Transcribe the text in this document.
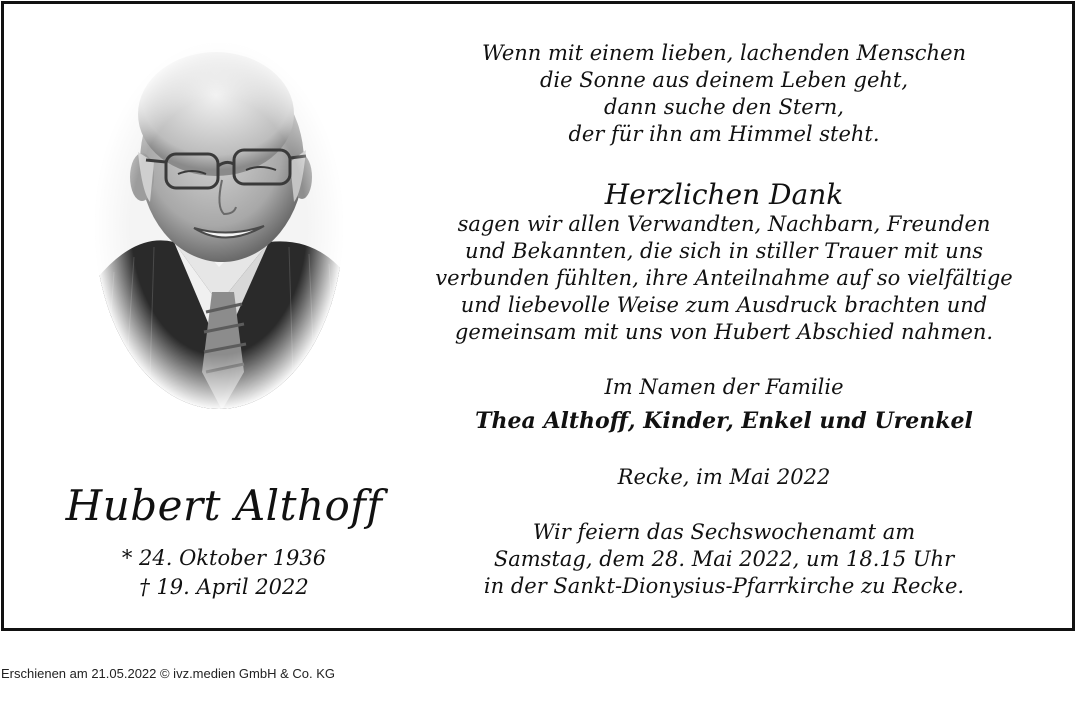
Hubert Althoff
* 24. Oktober 1936
† 19. April 2022
Wenn mit einem lieben, lachenden Menschen
die Sonne aus deinem Leben geht,
dann suche den Stern,
der für ihn am Himmel steht.
Herzlichen Dank
sagen wir allen Verwandten, Nachbarn, Freunden
und Bekannten, die sich in stiller Trauer mit uns
verbunden fühlten, ihre Anteilnahme auf so vielfältige
und liebevolle Weise zum Ausdruck brachten und
gemeinsam mit uns von Hubert Abschied nahmen.
Im Namen der Familie
Thea Althoff, Kinder, Enkel und Urenkel
Recke, im Mai 2022
Wir feiern das Sechswochenamt am
Samstag, dem 28. Mai 2022, um 18.15 Uhr
in der Sankt-Dionysius-Pfarrkirche zu Recke.
Erschienen am 21.05.2022 © ivz.medien GmbH & Co. KG
